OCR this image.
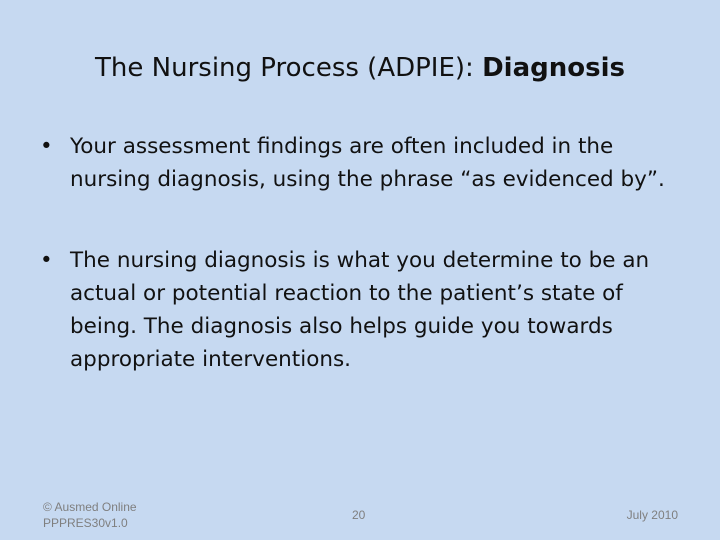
The Nursing Process (ADPIE): Diagnosis
• Your assessment findings are often included in the nursing diagnosis, using the phrase “as evidenced by”.
• The nursing diagnosis is what you determine to be an actual or potential reaction to the patient’s state of being. The diagnosis also helps guide you towards appropriate interventions.
© Ausmed Online
PPPRES30v1.0
20	July 2010
